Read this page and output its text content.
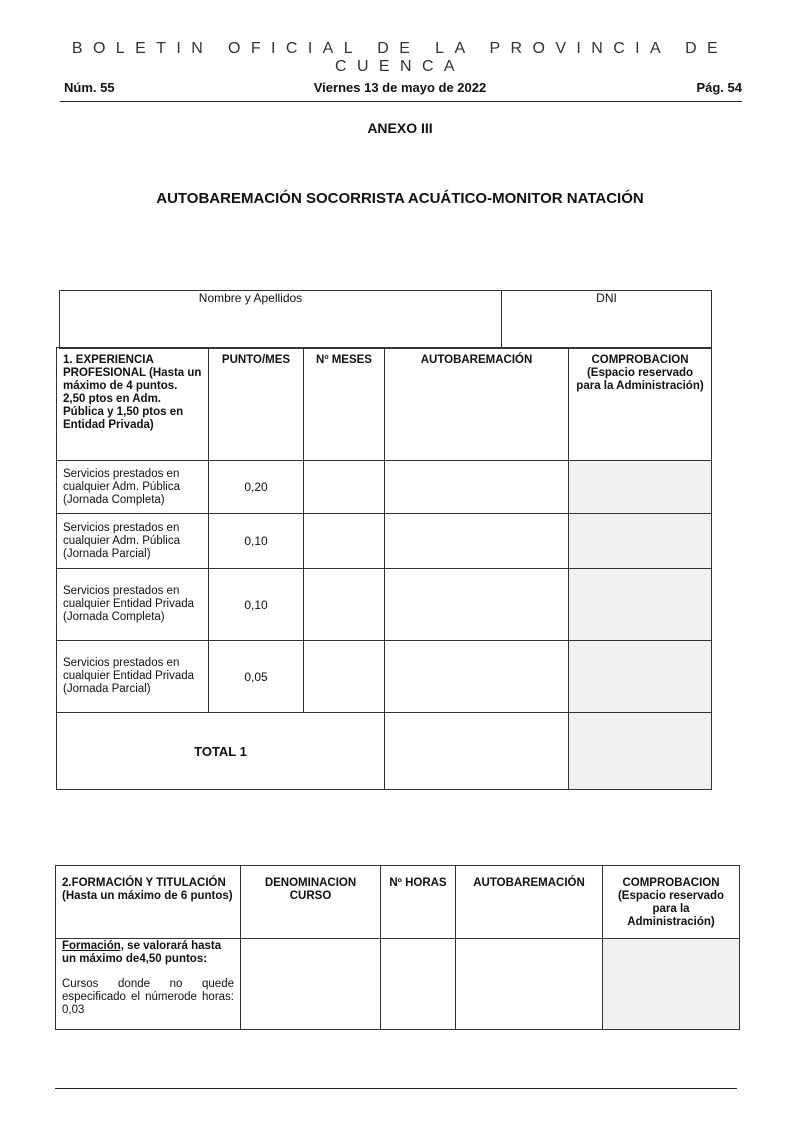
BOLETIN OFICIAL DE LA PROVINCIA DE CUENCA
Núm. 55	Viernes 13 de mayo de 2022	Pág. 54
ANEXO III
AUTOBAREMACIÓN SOCORRISTA ACUÁTICO-MONITOR NATACIÓN
Nombre y Apellidos	DNI
1. EXPERIENCIA PROFESIONAL (Hasta un máximo de 4 puntos. 2,50 ptos en Adm. Pública y 1,50 ptos en Entidad Privada)	PUNTO/MES	Nº MESES	AUTOBAREMACIÓN	COMPROBACION (Espacio reservado para la Administración)
Servicios prestados en cualquier Adm. Pública (Jornada Completa)	0,20			
Servicios prestados en cualquier Adm. Pública (Jornada Parcial)	0,10			
Servicios prestados en cualquier Entidad Privada (Jornada Completa)	0,10			
Servicios prestados en cualquier Entidad Privada (Jornada Parcial)	0,05			
TOTAL 1				
2.FORMACIÓN Y TITULACIÓN (Hasta un máximo de 6 puntos)	DENOMINACION CURSO	Nº HORAS	AUTOBAREMACIÓN	COMPROBACION (Espacio reservado para la Administración)

Formación, se valorará hasta un máximo de4,50 puntos:
Cursos donde no quede especificado el númerode horas: 0,03				
